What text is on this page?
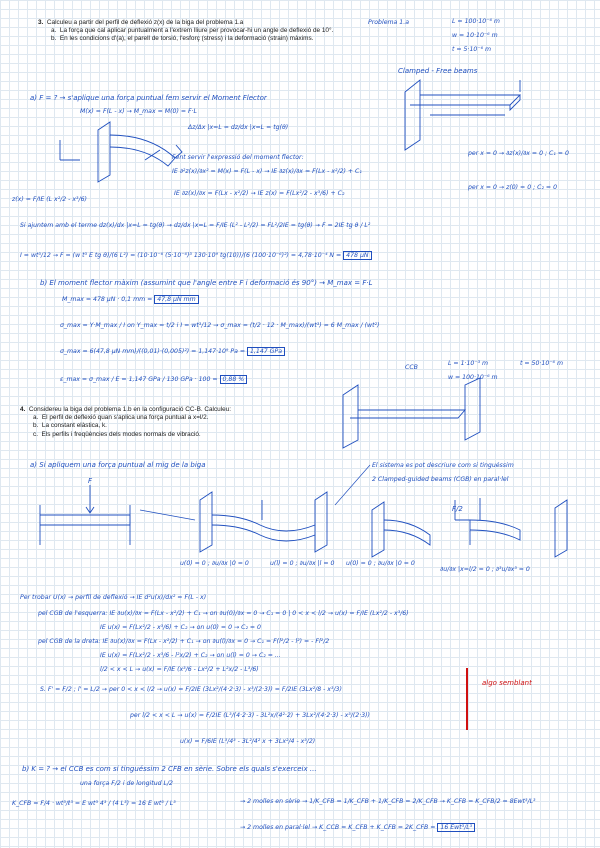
3. Calculeu a partir del perfil de deflexió z(x) de la biga del problema 1.a
a. La força que cal aplicar puntualment a l'extrem lliure per provocar-hi un angle de deflexió de 10°.
b. En les condicions d'(a), el parell de torsió, l'esforç (stress) i la deformació (strain) màxims.
Problema 1.a	L = 100·10⁻⁶ m
w = 10·10⁻⁶ m
t = 5·10⁻⁶ m
Clamped - Free beams
F
F/2
a) F = ? → s'aplique una força puntual fem servir el Moment Flector
M(x) = F(L - x) → M_max = M(0) = F·L
Δz/Δx |x=L = dz/dx |x=L = tg(θ)
Fent servir l'expressió del moment flector:
IE ∂²z(x)/∂x² = M(x) = F(L - x) → IE ∂z(x)/∂x = F(Lx - x²/2) + C₁
per x = 0 → ∂z(x)/∂x = 0 ; C₁ = 0
IE ∂z(x)/∂x = F(Lx - x²/2) → IE z(x) = F(Lx²/2 - x³/6) + C₂
per x = 0 → z(0) = 0 ; C₂ = 0
z(x) = F/IE (L x²/2 - x³/6)
Si ajuntem amb el terme dz(x)/dx |x=L = tg(θ) → dz/dx |x=L = F/IE (L² - L²/2) = FL²/2IE = tg(θ) → F = 2IE tg θ / L²
I = wt³/12 → F = (w t³ E tg θ)/(6 L²) = (10·10⁻⁶ (5·10⁻⁶)³ 130·10⁹ tg(10))/(6 (100·10⁻⁶)²) = 4,78·10⁻⁴ N = 478 µN
b) El moment flector màxim (assumint que l'angle entre F i deformació és 90°) → M_max = F·L
M_max = 478 µN · 0,1 mm = 47,8 µN mm
σ_max = Y·M_max / I on Y_max = t/2 i I = wt³/12 → σ_max = (t/2 · 12 · M_max)/(wt³) = 6 M_max / (wt²)
σ_max = 6(47,8 µN mm)/((0,01)·(0,005)²) = 1,147·10⁹ Pa = 1,147 GPa
ε_max = σ_max / E = 1,147 GPa / 130 GPa · 100 = 0,88 %
CCB
L = 1·10⁻³ m	t = 50·10⁻⁶ m
w = 100·10⁻⁶ m
4. Considereu la biga del problema 1.b en la configuració CC-B. Calculeu:
a. El perfil de deflexió quan s'aplica una força puntual a x=l/2.
b. La constant elàstica, k.
c. Els perfils i freqüències dels modes normals de vibració.
a) Si apliquem una força puntual al mig de la biga	El sistema es pot descriure com si tinguéssim
2 Clamped-guided beams (CGB) en paral·lel
u(0) = 0 ; ∂u/∂x |0 = 0	u(l) = 0 ; ∂u/∂x |l = 0 u(0) = 0 ; ∂u/∂x |0 = 0
∂u/∂x |x=l/2 = 0 ; ∂³u/∂x³ = 0
Per trobar U(x) → perfil de deflexió → IE d²u(x)/dx² = F(L - x)
pel CGB de l'esquerra: IE ∂u(x)/∂x = F(Lx - x²/2) + C₁ → on ∂u(0)/∂x = 0 → C₁ = 0 | 0 < x < l/2 → u(x) = F/IE (Lx²/2 - x³/6)
IE u(x) = F(Lx²/2 - x³/6) + C₂ → on u(0) = 0 → C₂ = 0
pel CGB de la dreta: IE ∂u(x)/∂x = F(Lx - x²/2) + C₁ → on ∂u(l)/∂x = 0 → C₁ = F(l²/2 - l²) = - Fl²/2
IE u(x) = F(Lx²/2 - x³/6 - l²x/2) + C₂ → on u(l) = 0 → C₂ = ...
l/2 < x < L → u(x) = F/IE (x³/6 - Lx²/2 + L²x/2 - L³/6)
S. F' = F/2 ; l' = L/2 → per 0 < x < l/2 → u(x) = F/2IE (3Lx²/(4·2·3) - x³/(2·3)) = F/2IE (3Lx²/8 - x³/3)
per l/2 < x < L → u(x) = F/2IE (L³/(4·2·3) - 3L²x/(4²·2) + 3Lx²/(4·2·3) - x³/(2·3))
u(x) = F/6IE (L³/4³ - 3L²/4² x + 3Lx²/4 - x³/2)
algo semblant
b) K = ? → el CCB es com si tinguéssim 2 CFB en sèrie. Sobre els quals s'exerceix ...
una força F/2 i de longitud L/2
K_CFB = F/4 · wt³/ℓ³ = E wt³ 4³ / (4 L³) = 16 E wt³ / L³	→ 2 molles en sèrie → 1/K_CFB = 1/K_CFB + 1/K_CFB = 2/K_CFB → K_CFB = K_CFB/2 = 8Ewt³/L³
→ 2 molles en paral·lel → K_CCB = K_CFB + K_CFB = 2K_CFB = 16 Ewt³/L³
